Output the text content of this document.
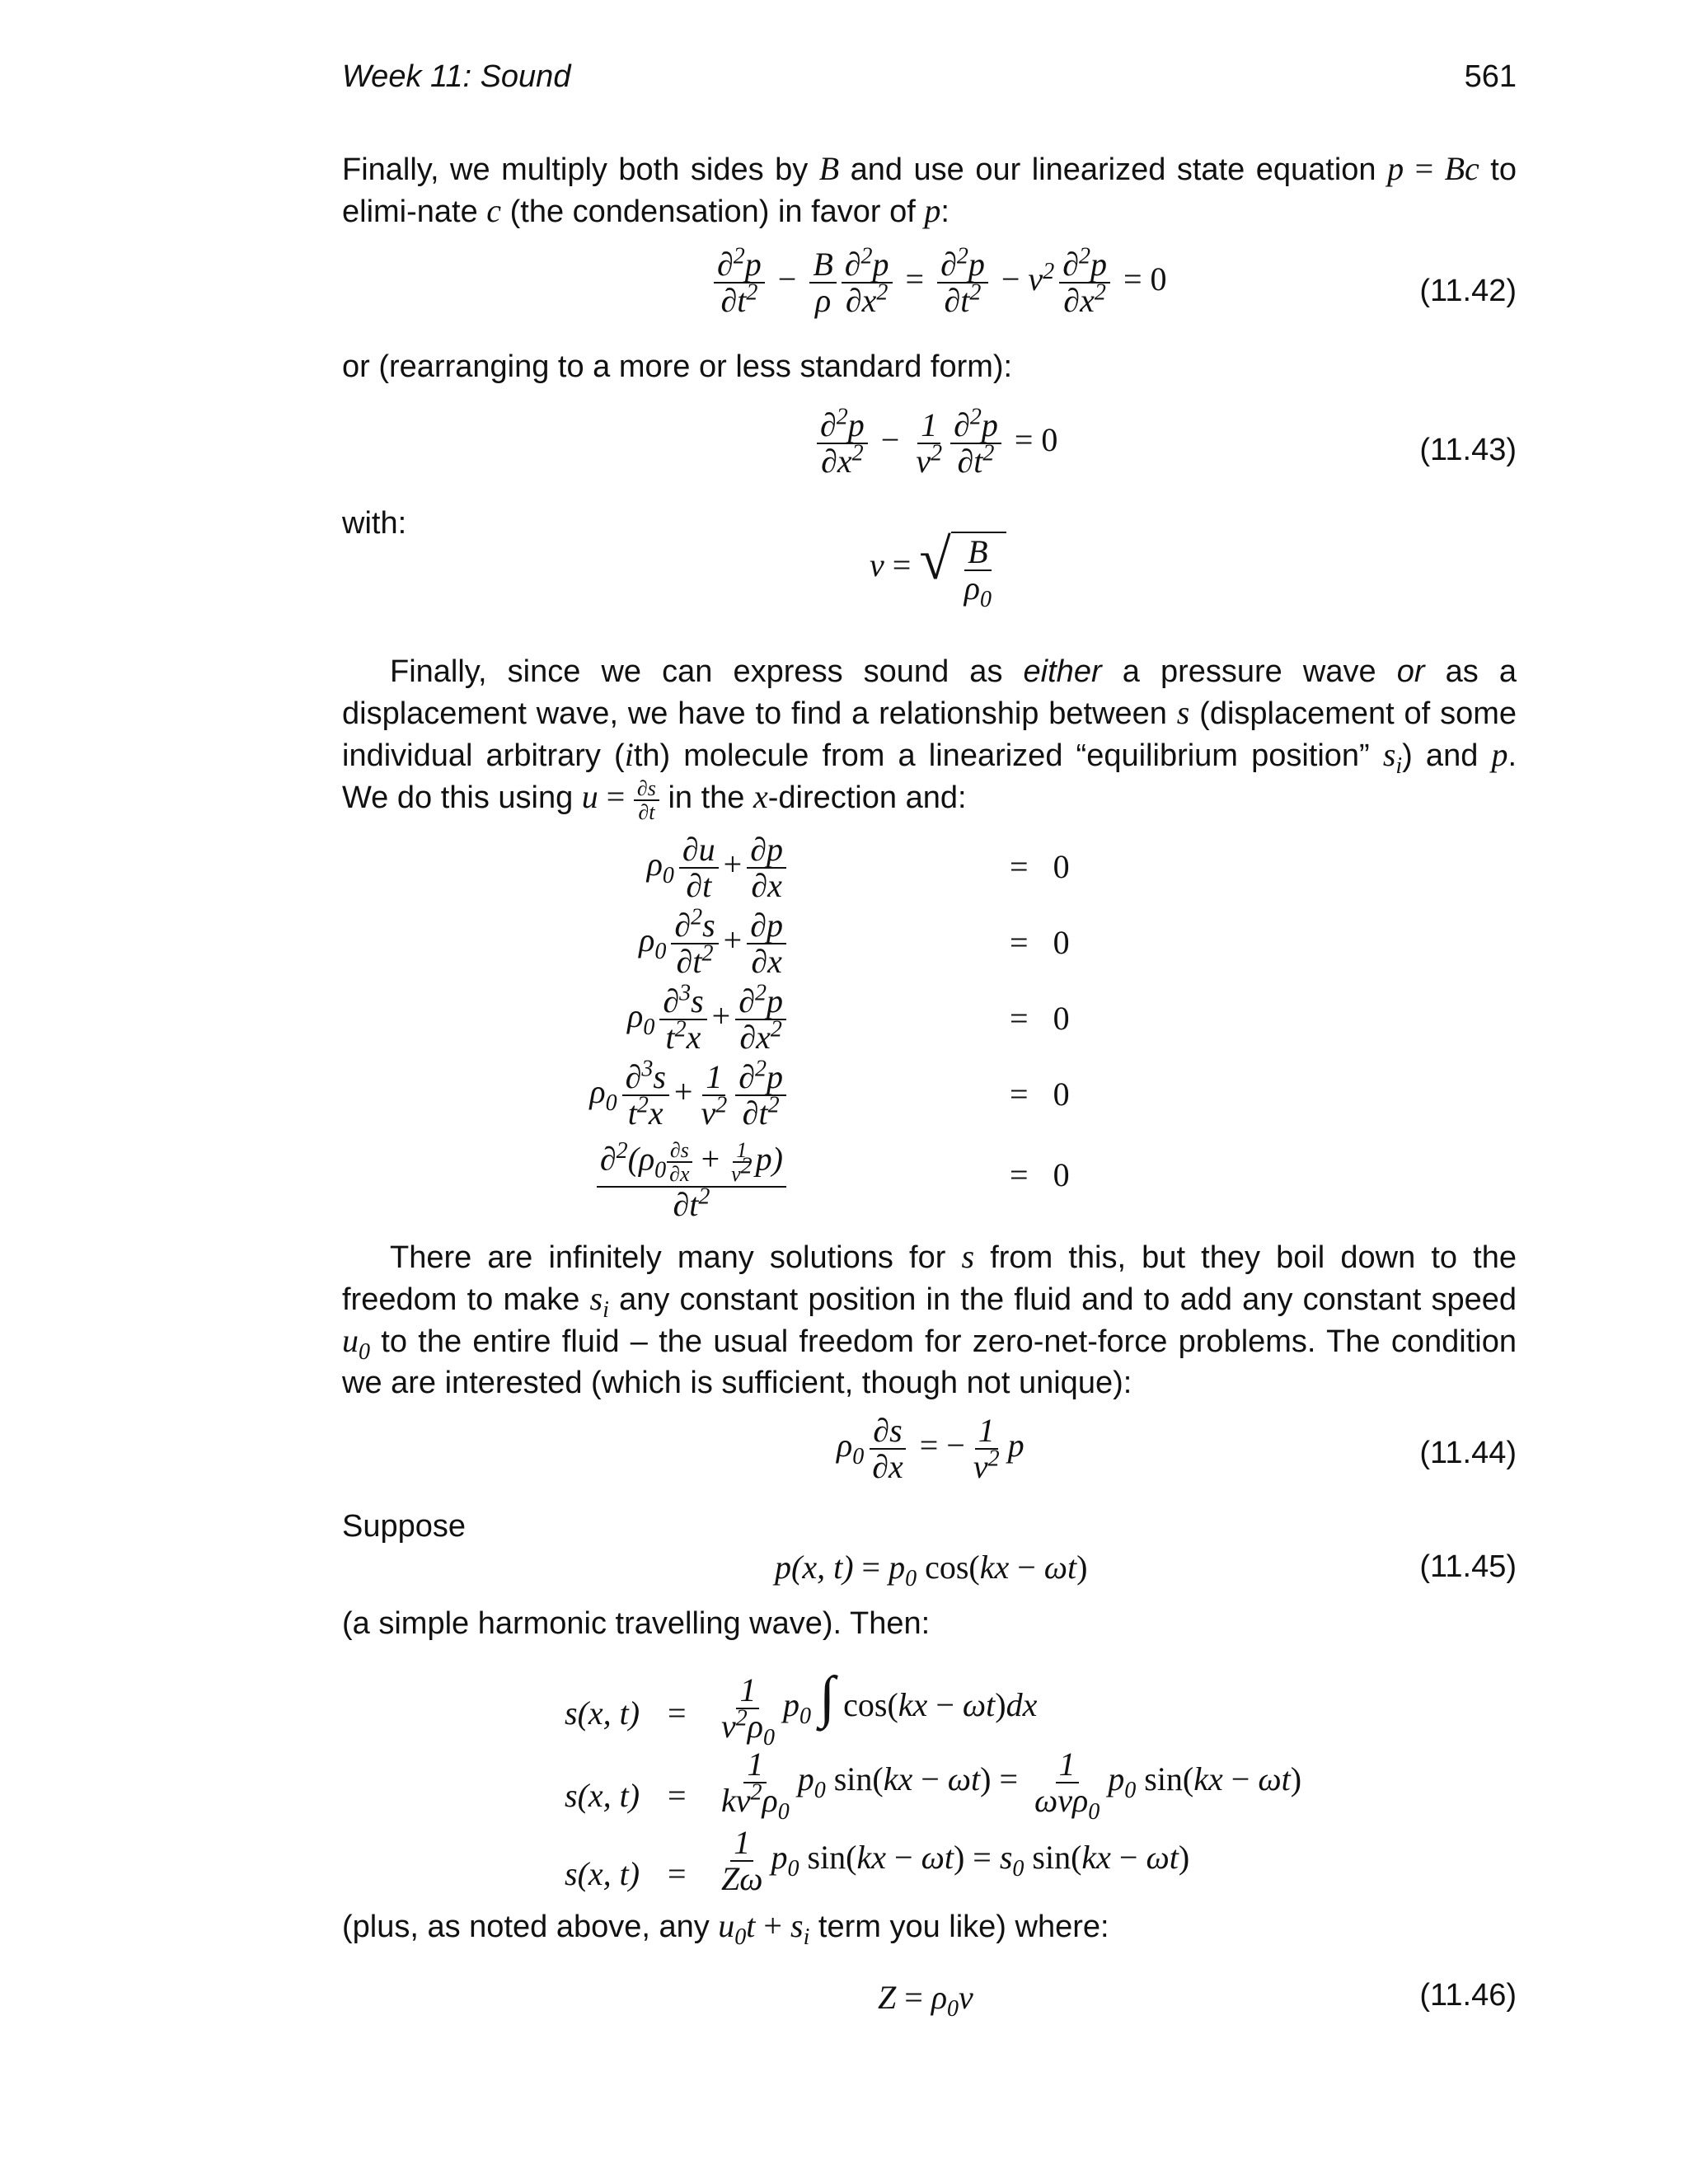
Week 11: Sound	561
Finally, we multiply both sides by B and use our linearized state equation p = Bc to elimi-nate c (the condensation) in favor of p:
$\frac{\partial^2p}{\partial t^2} - \frac{B}{\rho} \frac{\partial^2p}{\partial x^2} = \frac{\partial^2p}{\partial t^2} - v^2 \frac{\partial^2p}{\partial x^2} = 0$	(11.42)
or (rearranging to a more or less standard form):
$\frac{\partial^2p}{\partial x^2} - \frac{1}{v^2} \frac{\partial^2p}{\partial t^2} = 0$	(11.43)
with:
v = √ $\frac{B}{\rho_0}$
Finally, since we can express sound as either a pressure wave or as a displacement wave, we have to find a relationship between s (displacement of some individual arbitrary (ith) molecule from a linearized “equilibrium position” $s_i$) and p. We do this using $u = \frac{\partial s}{\partial t}$ in the x-direction and:
$\rho_0 \frac{\partial u}{\partial t} + \frac{\partial p}{\partial x}$	= 0
$\rho_0 \frac{\partial^2s}{\partial t^2} + \frac{\partial p}{\partial x}$	= 0
$\rho_0 \frac{\partial^3s}{t^2x} + \frac{\partial^2p}{\partial x^2}$	= 0
$\rho_0 \frac{\partial^3s}{t^2x} + \frac{1}{v^2} \frac{\partial^2p}{\partial t^2}$	= 0
$\frac{\partial^2(\rho_0 \frac{\partial s}{\partial x} + \frac{1}{v^2} p)}{\partial t^2}$	= 0
There are infinitely many solutions for s from this, but they boil down to the freedom to make $s_i$ any constant position in the fluid and to add any constant speed $u_0$ to the entire fluid – the usual freedom for zero-net-force problems. The condition we are interested (which is sufficient, though not unique):
$\rho_0 \frac{\partial s}{\partial x}$ = − $\frac{1}{v^2}$ p	(11.44)
Suppose
p(x, $t) = p_0$ cos(kx − ωt)	(11.45)
(a simple harmonic travelling wave). Then:
s(x, $t) = \frac{1}{v^2\rho_0} p_0$ ∫ cos(kx − ωt)dx
s(x, $t) = \frac{1}{kv^2\rho_0} p_0$ $\sin(kx - \omega t) = \frac{1}{\omega v\rho_0} p_0$ sin(kx − ωt)
s(x, $t) = \frac{1}{Z\omega} p_0$ $\sin(kx - \omega t) = s_0$ sin(kx − ωt)
(plus, as noted above, any $u_0t + s_i$ term you like) where:
$Z = \rho_0v$	(11.46)
